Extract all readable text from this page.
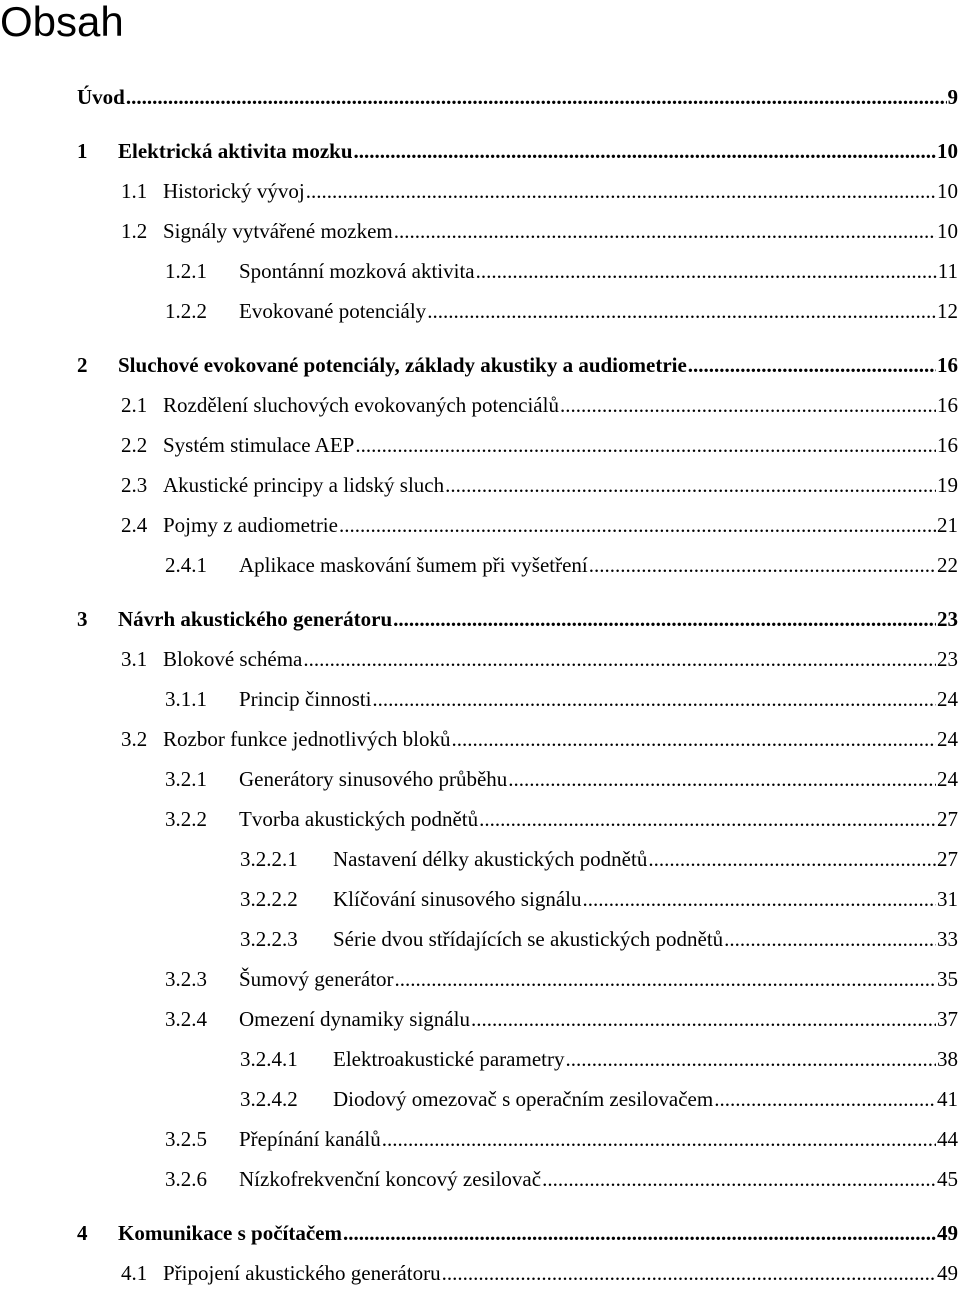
Obsah
Úvod .....	9
1 Elektrická aktivita mozku .....	10
1.1 Historický vývoj .....	10
1.2 Signály vytvářené mozkem .....	10
1.2.1 Spontánní mozková aktivita .....	11
1.2.2 Evokované potenciály .....	12
2 Sluchové evokované potenciály, základy akustiky a audiometrie .....	16
2.1 Rozdělení sluchových evokovaných potenciálů .....	16
2.2 Systém stimulace AEP .....	16
2.3 Akustické principy a lidský sluch .....	19
2.4 Pojmy z audiometrie .....	21
2.4.1 Aplikace maskování šumem při vyšetření .....	22
3 Návrh akustického generátoru .....	23
3.1 Blokové schéma .....	23
3.1.1 Princip činnosti .....	24
3.2 Rozbor funkce jednotlivých bloků .....	24
3.2.1 Generátory sinusového průběhu .....	24
3.2.2 Tvorba akustických podnětů .....	27
3.2.2.1 Nastavení délky akustických podnětů .....	27
3.2.2.2 Klíčování sinusového signálu .....	31
3.2.2.3 Série dvou střídajících se akustických podnětů .....	33
3.2.3 Šumový generátor .....	35
3.2.4 Omezení dynamiky signálu .....	37
3.2.4.1 Elektroakustické parametry .....	38
3.2.4.2 Diodový omezovač s operačním zesilovačem .....	41
3.2.5 Přepínání kanálů .....	44
3.2.6 Nízkofrekvenční koncový zesilovač .....	45
4 Komunikace s počítačem .....	49
4.1 Připojení akustického generátoru .....	49
